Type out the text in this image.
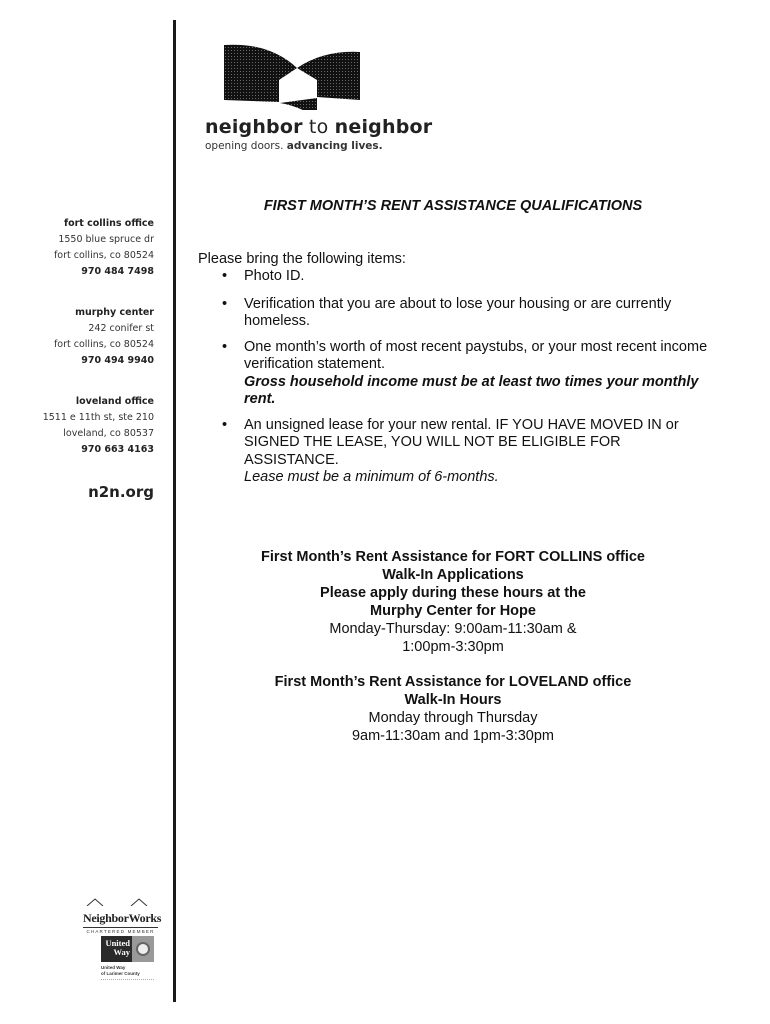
neighbor to neighbor
opening doors. advancing lives.
fort collins office
1550 blue spruce dr
fort collins, co 80524
970 484 7498
murphy center
242 conifer st
fort collins, co 80524
970 494 9940
loveland office
1511 e 11th st, ste 210
loveland, co 80537
970 663 4163
n2n.org
NeighborWorks
CHARTERED MEMBER
United
Way
United Way
of Larimer County
FIRST MONTH’S RENT ASSISTANCE QUALIFICATIONS
Please bring the following items:
• Photo ID.
• Verification that you are about to lose your housing or are currently homeless.
• One month’s worth of most recent paystubs, or your most recent income verification statement.
Gross household income must be at least two times your monthly rent.
• An unsigned lease for your new rental. IF YOU HAVE MOVED IN or SIGNED THE LEASE, YOU WILL NOT BE ELIGIBLE FOR ASSISTANCE.
Lease must be a minimum of 6-months.
First Month’s Rent Assistance for FORT COLLINS office
Walk-In Applications
Please apply during these hours at the
Murphy Center for Hope
Monday-Thursday: 9:00am-11:30am &
1:00pm-3:30pm
First Month’s Rent Assistance for LOVELAND office
Walk-In Hours
Monday through Thursday
9am-11:30am and 1pm-3:30pm
